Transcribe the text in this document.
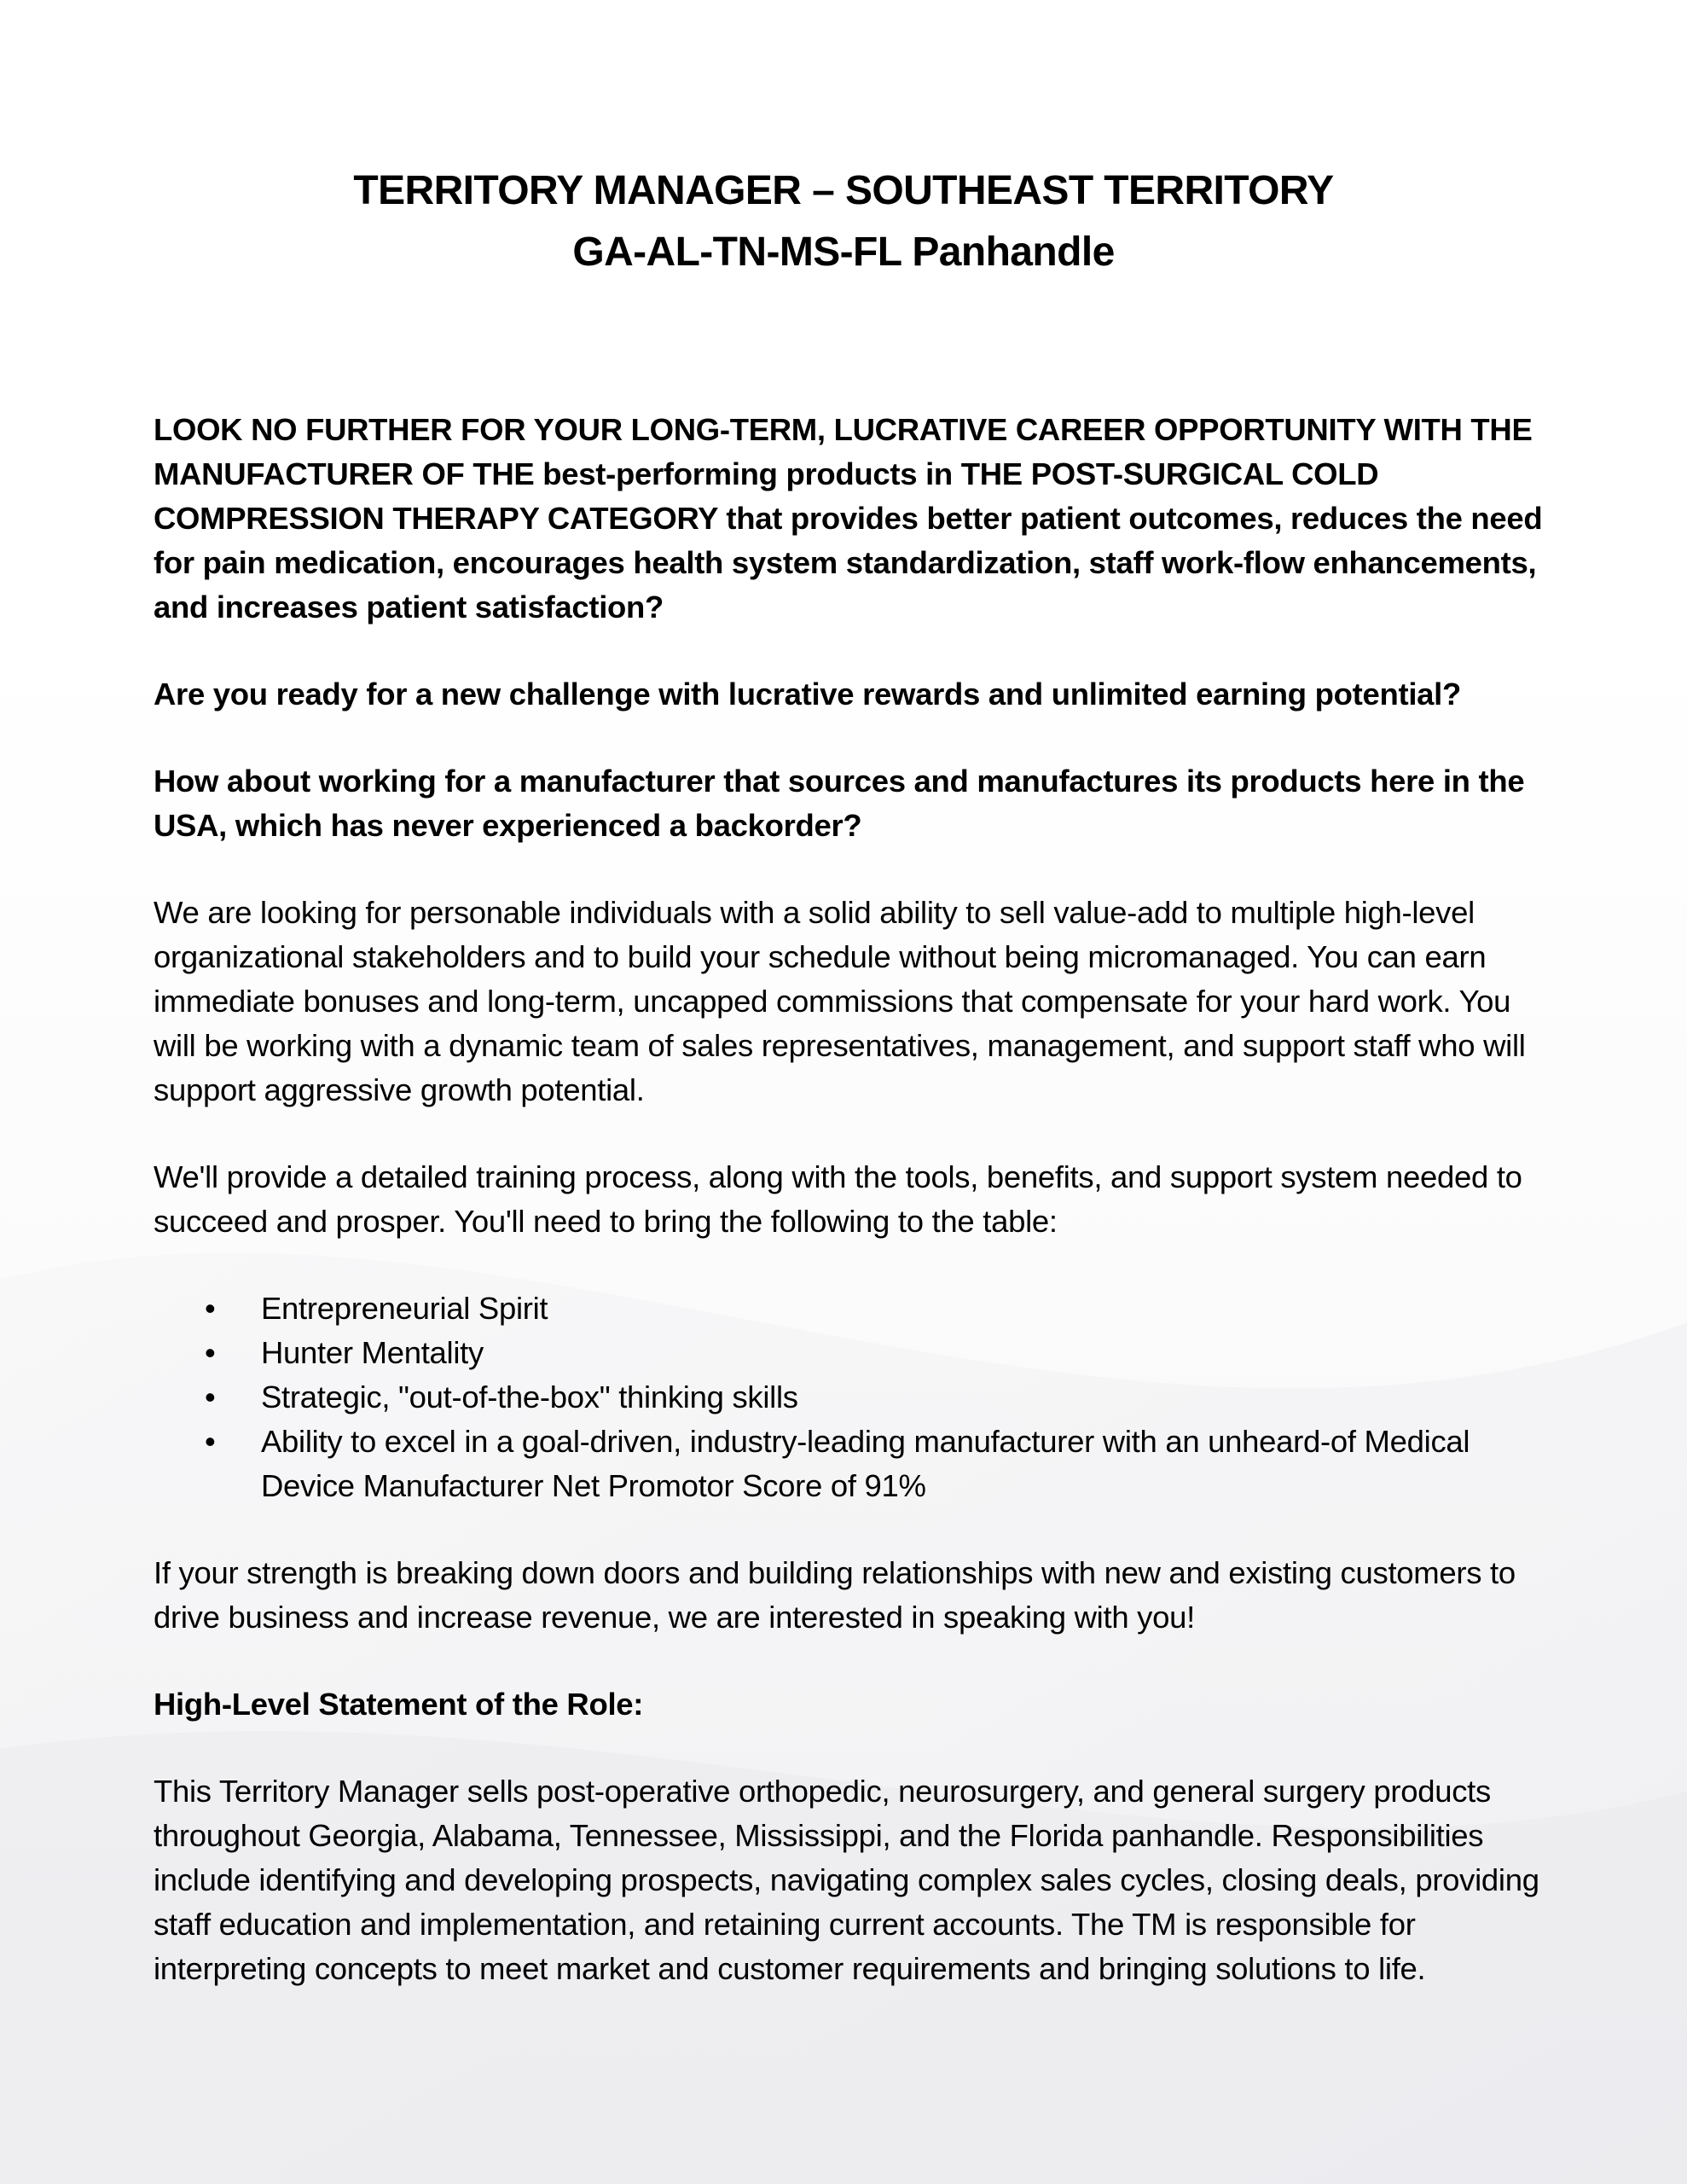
TERRITORY MANAGER – SOUTHEAST TERRITORY
GA-AL-TN-MS-FL Panhandle

LOOK NO FURTHER FOR YOUR LONG-TERM, LUCRATIVE CAREER OPPORTUNITY WITH THE MANUFACTURER OF THE best-performing products in THE POST-SURGICAL COLD COMPRESSION THERAPY CATEGORY that provides better patient outcomes, reduces the need for pain medication, encourages health system standardization, staff work-flow enhancements, and increases patient satisfaction?

Are you ready for a new challenge with lucrative rewards and unlimited earning potential?

How about working for a manufacturer that sources and manufactures its products here in the USA, which has never experienced a backorder?

We are looking for personable individuals with a solid ability to sell value-add to multiple high-level organizational stakeholders and to build your schedule without being micromanaged. You can earn immediate bonuses and long-term, uncapped commissions that compensate for your hard work. You will be working with a dynamic team of sales representatives, management, and support staff who will support aggressive growth potential.

We'll provide a detailed training process, along with the tools, benefits, and support system needed to succeed and prosper. You'll need to bring the following to the table:

• Entrepreneurial Spirit
• Hunter Mentality
• Strategic, "out-of-the-box" thinking skills
• Ability to excel in a goal-driven, industry-leading manufacturer with an unheard-of Medical Device Manufacturer Net Promotor Score of 91%

If your strength is breaking down doors and building relationships with new and existing customers to drive business and increase revenue, we are interested in speaking with you!

High-Level Statement of the Role:

This Territory Manager sells post-operative orthopedic, neurosurgery, and general surgery products throughout Georgia, Alabama, Tennessee, Mississippi, and the Florida panhandle. Responsibilities include identifying and developing prospects, navigating complex sales cycles, closing deals, providing staff education and implementation, and retaining current accounts. The TM is responsible for interpreting concepts to meet market and customer requirements and bringing solutions to life.
